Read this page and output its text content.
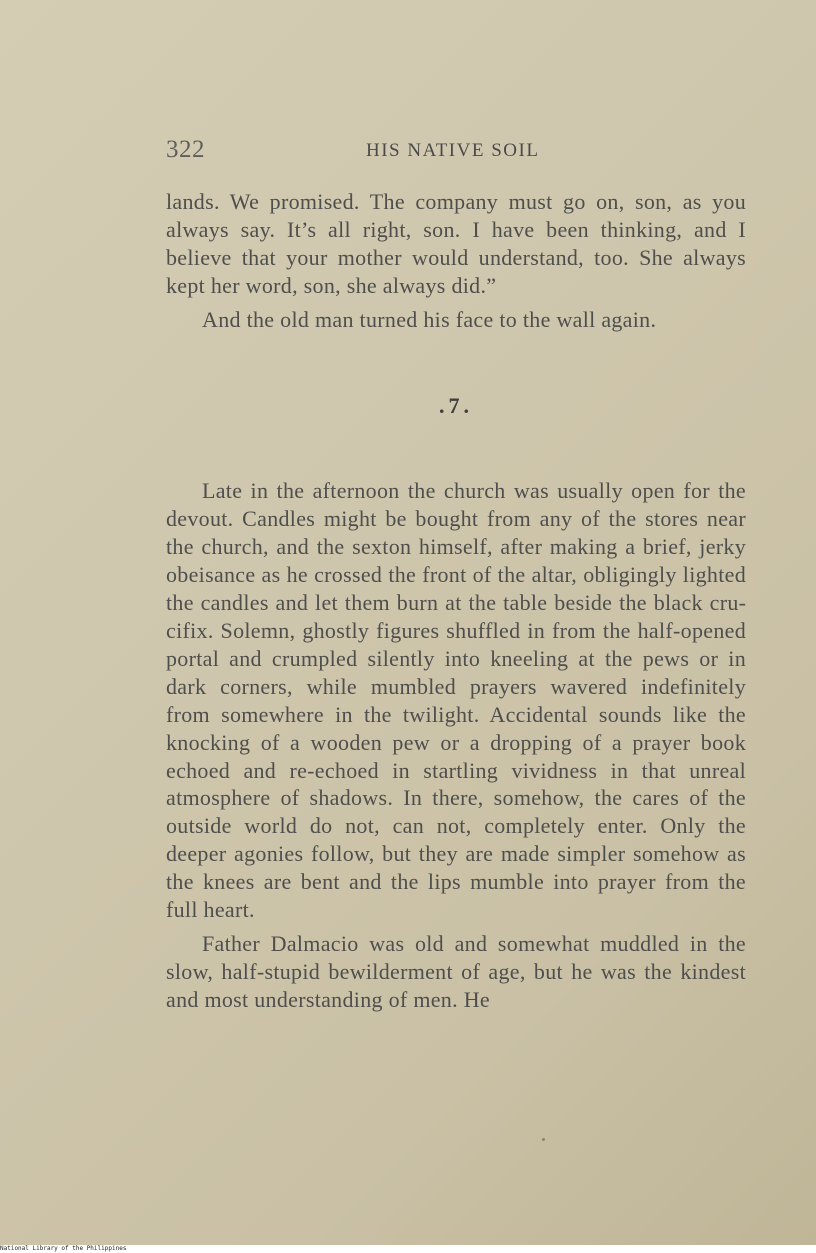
322	HIS NATIVE SOIL

lands. We promised. The company must go on, son, as you always say. It’s all right, son. I have been thinking, and I believe that your mother would understand, too. She always kept her word, son, she always did.”

And the old man turned his face to the wall again.

.7.

Late in the afternoon the church was usually open for the devout. Candles might be bought from any of the stores near the church, and the sexton himself, after making a brief, jerky obeisance as he crossed the front of the altar, obligingly lighted the candles and let them burn at the table beside the black crucifix. Solemn, ghostly figures shuffled in from the half-opened portal and crumpled silently into kneeling at the pews or in dark corners, while mumbled prayers wavered indefinitely from somewhere in the twilight. Accidental sounds like the knocking of a wooden pew or a dropping of a prayer book echoed and re-echoed in startling vividness in that unreal atmosphere of shadows. In there, somehow, the cares of the outside world do not, can not, completely enter. Only the deeper agonies follow, but they are made simpler somehow as the knees are bent and the lips mumble into prayer from the full heart.

Father Dalmacio was old and somewhat muddled in the slow, half-stupid bewilderment of age, but he was the kindest and most understanding of men. He

National Library of the Philippines
